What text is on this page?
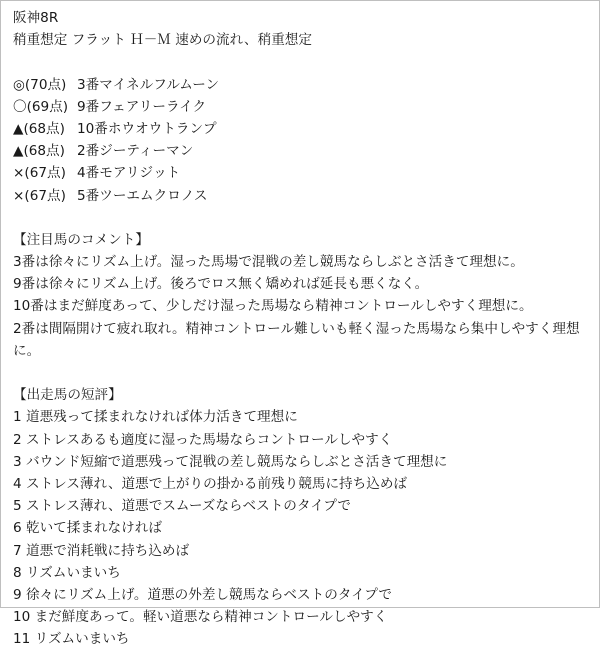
阪神8R
稍重想定 フラット Ｈ－Ｍ 速めの流れ、稍重想定
◎(70点) 3番マイネルフルムーン
〇(69点) 9番フェアリーライク
▲(68点) 10番ホウオウトランプ
▲(68点) 2番ジーティーマン
×(67点) 4番モアリジット
×(67点) 5番ツーエムクロノス
【注目馬のコメント】
3番は徐々にリズム上げ。湿った馬場で混戦の差し競馬ならしぶとさ活きて理想に。
9番は徐々にリズム上げ。後ろでロス無く矯めれば延長も悪くなく。
10番はまだ鮮度あって、少しだけ湿った馬場なら精神コントロールしやすく理想に。
2番は間隔開けて疲れ取れ。精神コントロール難しいも軽く湿った馬場なら集中しやすく理想
に。
【出走馬の短評】
1 道悪残って揉まれなければ体力活きて理想に
2 ストレスあるも適度に湿った馬場ならコントロールしやすく
3 バウンド短縮で道悪残って混戦の差し競馬ならしぶとさ活きて理想に
4 ストレス薄れ、道悪で上がりの掛かる前残り競馬に持ち込めば
5 ストレス薄れ、道悪でスムーズならベストのタイプで
6 乾いて揉まれなければ
7 道悪で消耗戦に持ち込めば
8 リズムいまいち
9 徐々にリズム上げ。道悪の外差し競馬ならベストのタイプで
10 まだ鮮度あって。軽い道悪なら精神コントロールしやすく
11 リズムいまいち
